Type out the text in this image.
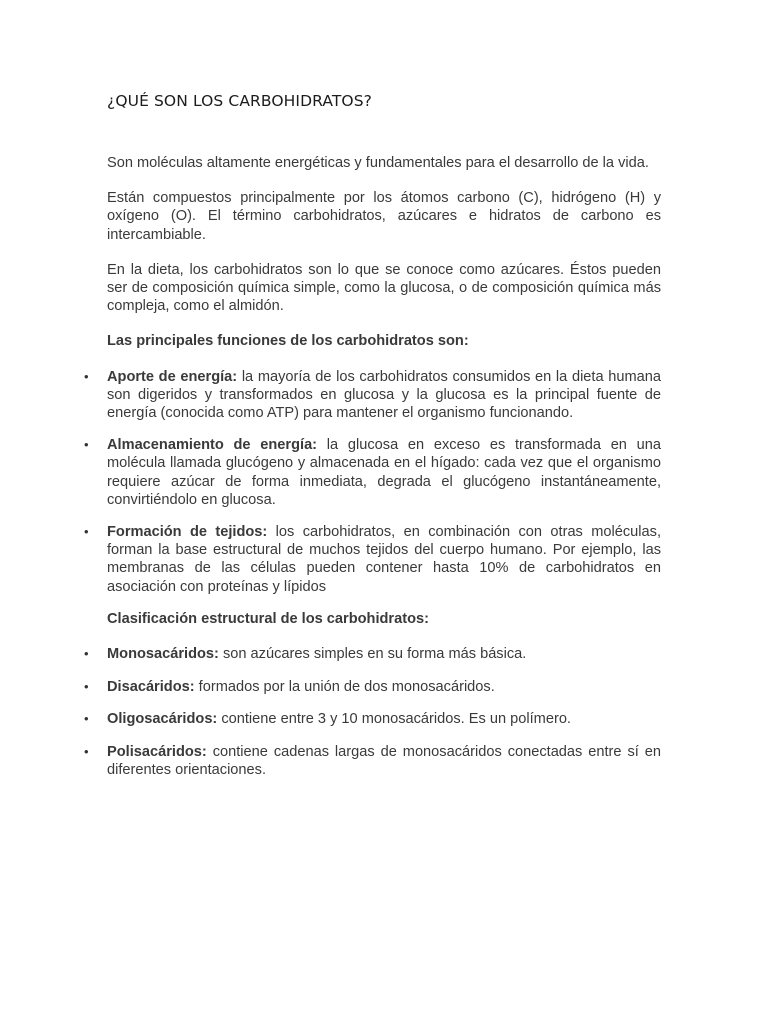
¿QUÉ SON LOS CARBOHIDRATOS?

Son moléculas altamente energéticas y fundamentales para el desarrollo de la vida.

Están compuestos principalmente por los átomos carbono (C), hidrógeno (H) y oxígeno (O). El término carbohidratos, azúcares e hidratos de carbono es intercambiable.

En la dieta, los carbohidratos son lo que se conoce como azúcares. Éstos pueden ser de composición química simple, como la glucosa, o de composición química más compleja, como el almidón.

Las principales funciones de los carbohidratos son:

• Aporte de energía: la mayoría de los carbohidratos consumidos en la dieta humana son digeridos y transformados en glucosa y la glucosa es la principal fuente de energía (conocida como ATP) para mantener el organismo funcionando.
• Almacenamiento de energía: la glucosa en exceso es transformada en una molécula llamada glucógeno y almacenada en el hígado: cada vez que el organismo requiere azúcar de forma inmediata, degrada el glucógeno instantáneamente, convirtiéndolo en glucosa.
• Formación de tejidos: los carbohidratos, en combinación con otras moléculas, forman la base estructural de muchos tejidos del cuerpo humano. Por ejemplo, las membranas de las células pueden contener hasta 10% de carbohidratos en asociación con proteínas y lípidos

Clasificación estructural de los carbohidratos:

• Monosacáridos: son azúcares simples en su forma más básica.
• Disacáridos: formados por la unión de dos monosacáridos.
• Oligosacáridos: contiene entre 3 y 10 monosacáridos. Es un polímero.
• Polisacáridos: contiene cadenas largas de monosacáridos conectadas entre sí en diferentes orientaciones.
